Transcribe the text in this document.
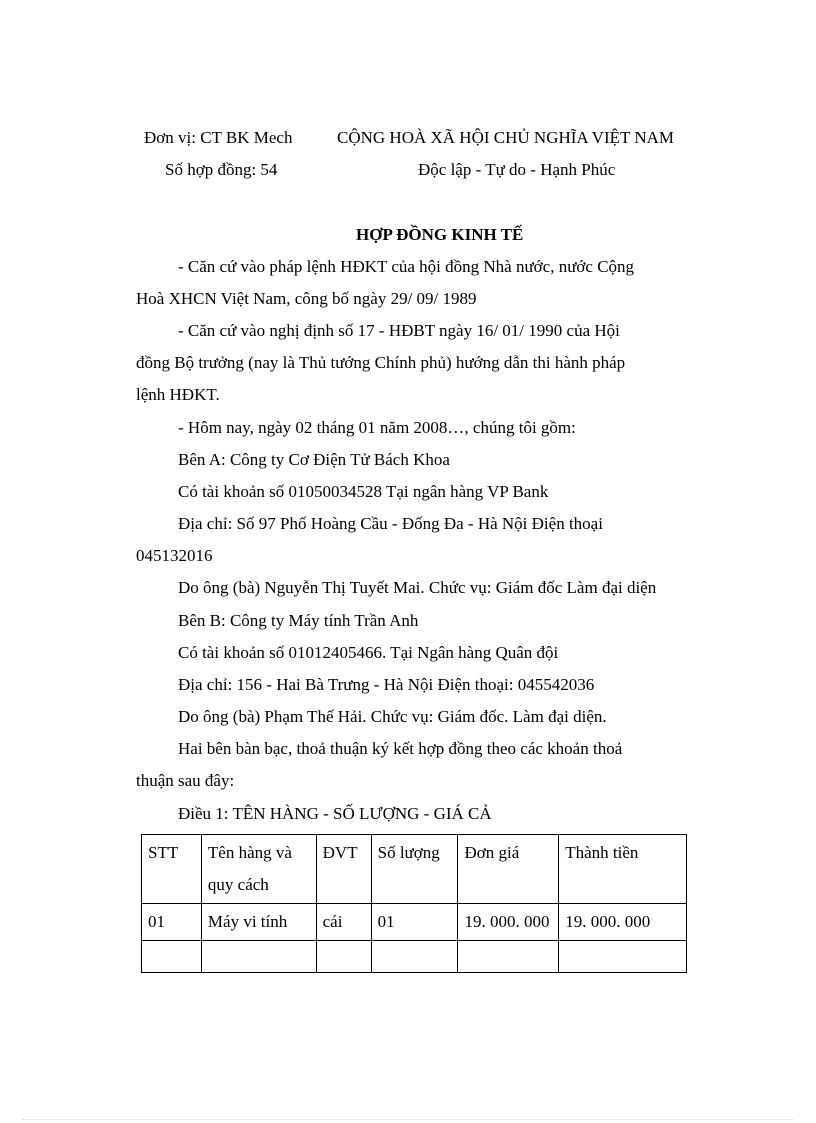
Đơn vị: CT BK Mech	CỘNG HOÀ XÃ HỘI CHỦ NGHĨA VIỆT NAM
Số hợp đồng: 54	Độc lập - Tự do - Hạnh Phúc
HỢP ĐỒNG KINH TẾ
- Căn cứ vào pháp lệnh HĐKT của hội đồng Nhà nước, nước Cộng
Hoà XHCN Việt Nam, công bố ngày 29/ 09/ 1989
- Căn cứ vào nghị định số 17 - HĐBT ngày 16/ 01/ 1990 của Hội
đồng Bộ trưởng (nay là Thủ tướng Chính phủ) hướng dẫn thi hành pháp
lệnh HĐKT.
- Hôm nay, ngày 02 tháng 01 năm 2008…, chúng tôi gồm:
Bên A: Công ty Cơ Điện Tử Bách Khoa
Có tài khoản số 01050034528 Tại ngân hàng VP Bank
Địa chỉ: Số 97 Phố Hoàng Cầu - Đống Đa - Hà Nội Điện thoại
045132016
Do ông (bà) Nguyễn Thị Tuyết Mai. Chức vụ: Giám đốc Làm đại diện
Bên B: Công ty Máy tính Trần Anh
Có tài khoản số 01012405466. Tại Ngân hàng Quân đội
Địa chỉ: 156 - Hai Bà Trưng - Hà Nội Điện thoại: 045542036
Do ông (bà) Phạm Thế Hải. Chức vụ: Giám đốc. Làm đại diện.
Hai bên bàn bạc, thoả thuận ký kết hợp đồng theo các khoản thoả
thuận sau đây:
Điều 1: TÊN HÀNG - SỐ LƯỢNG - GIÁ CẢ
STT	Tên hàng và quy cách	ĐVT	Số lượng	Đơn giá	Thành tiền
01	Máy vi tính	cái	01	19. 000. 000	19. 000. 000
